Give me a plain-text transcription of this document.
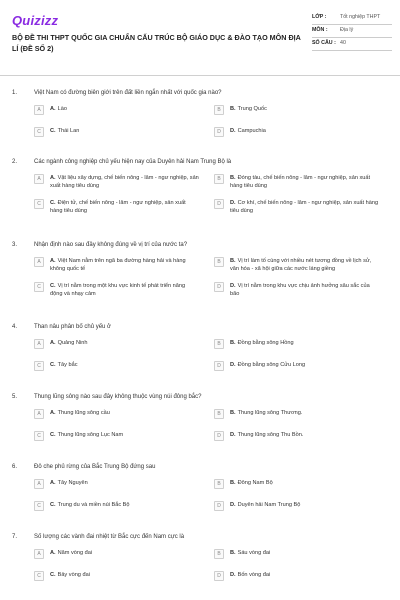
Quizizz
BỘ ĐỀ THI THPT QUỐC GIA CHUẨN CẤU TRÚC BỘ GIÁO DỤC & ĐÀO TẠO MÔN ĐỊA LÍ (ĐỀ SỐ 2)
LỚP :	Tốt nghiệp THPT
MÔN :	Địa lý
SỐ CÂU : 40
1.	Việt Nam có đường biên giới trên đất liền ngắn nhất với quốc gia nào?
A	A. Lào	B	B. Trung Quốc
C	C. Thái Lan	D	D. Campuchia
2.	Các ngành công nghiệp chủ yếu hiện nay của Duyên hải Nam Trung Bộ là
A	A. Vật liệu xây dựng, chế biến nông - lâm - ngư nghiệp, sản xuất hàng tiêu dùng
B	B. Đóng tàu, chế biến nông - lâm - ngư nghiệp, sản xuất hàng tiêu dùng
C	C. Điện tử, chế biến nông - lâm - ngư nghiệp, sản xuất hàng tiêu dùng
D	D. Cơ khí, chế biến nông - lâm - ngư nghiệp, sản xuất hàng tiêu dùng
3.	Nhận định nào sau đây không đúng về vị trí của nước ta?
A	A. Việt Nam nằm trên ngã ba đường hàng hải và hàng không quốc tế
B	B. Vị trí làm tố cùng với nhiều nét tương đồng về lịch sử, văn hóa - xã hội giữa các nước láng giềng
C	C. Vị trí nằm trong một khu vực kinh tế phát triển năng động và nhạy cảm
D	D. Vị trí nằm trong khu vực chịu ảnh hưởng sâu sắc của bão
4.	Than nâu phân bố chủ yếu ở
A	A. Quảng Ninh	B	B. Đồng bằng sông Hồng
C	C. Tây bắc	D	D. Đồng bằng sông Cửu Long
5.	Thung lũng sông nào sau đây không thuộc vùng núi đông bắc?
A	A. Thung lũng sông cầu	B	B. Thung lũng sông Thương.
C	C. Thung lũng sông Lục Nam	D	D. Thung lũng sông Thu Bồn.
6.	Đô che phủ rừng của Bắc Trung Bộ đứng sau
A	A. Tây Nguyên	B	B. Đông Nam Bộ
C	C. Trung du và miền núi Bắc Bộ	D	D. Duyên hải Nam Trung Bộ
7.	Số lượng các vành đai nhiệt từ Bắc cực đến Nam cực là
A	A. Năm vòng đai	B	B. Sáu vòng đai
C	C. Bảy vòng đai	D	D. Bốn vòng đai
